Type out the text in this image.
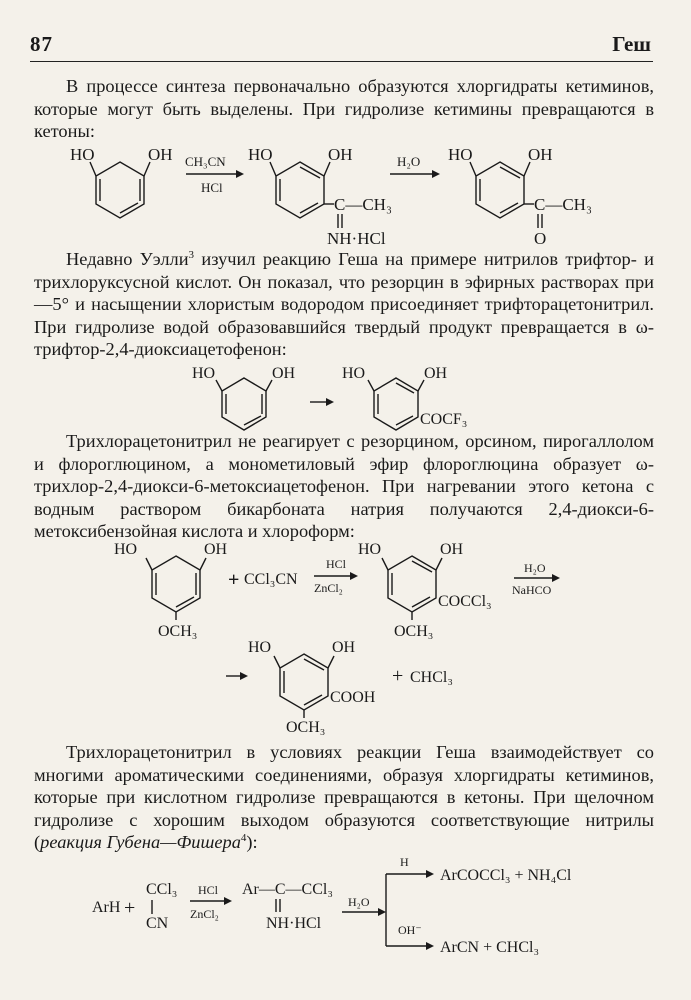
87	Геш

В процессе синтеза первоначально образуются хлоргидраты кетиминов, которые могут быть выделены. При гидролизе кетимины превращаются в кетоны:

HO	OH CH₃CN
HCl
HO	OH
C—CH₃
NH·HCl
H₂O HO	OH
C—CH₃
O

Недавно Уэлли$^3$ изучил реакцию Геша на примере нитрилов трифтор- и трихлоруксусной кислот. Он показал, что резорцин в эфирных растворах при —5° и насыщении хлористым водородом присоединяет трифторацетонитрил. При гидролизе водой образовавшийся твердый продукт превращается в ω-трифтор-2,4-диоксиацетофенон:

HO	OH	HO	OH
COCF₃

Трихлорацетонитрил не реагирует с резорцином, орсином, пирогаллолом и флороглюцином, а монометиловый эфир флороглюцина образует ω-трихлор-2,4-диокси-6-метоксиацетофенон. При нагревании этого кетона с водным раствором бикарбоната натрия получаются 2,4-диокси-6-метоксибензойная кислота и хлороформ:

HO	OH
OCH₃
+ CCl₃CN
HCl
ZnCl₂
HO	OH
COCCl₃
OCH₃
H₂O
NaHCO
HO	OH
COOH
OCH₃
+ CHCl₃

Трихлорацетонитрил в условиях реакции Геша взаимодействует со многими ароматическими соединениями, образуя хлоргидраты кетиминов, которые при кислотном гидролизе превращаются в кетоны. При щелочном гидролизе с хорошим выходом образуются соответствующие нитрилы (реакция Губена—Фишера$^4$):

ArH +
CCl₃
CN
HCl
ZnCl₂
Ar—C—CCl₃
NH·HCl
H₂O
H
OH⁻
ArCOCCl₃ + NH₄Cl
ArCN + CHCl₃
